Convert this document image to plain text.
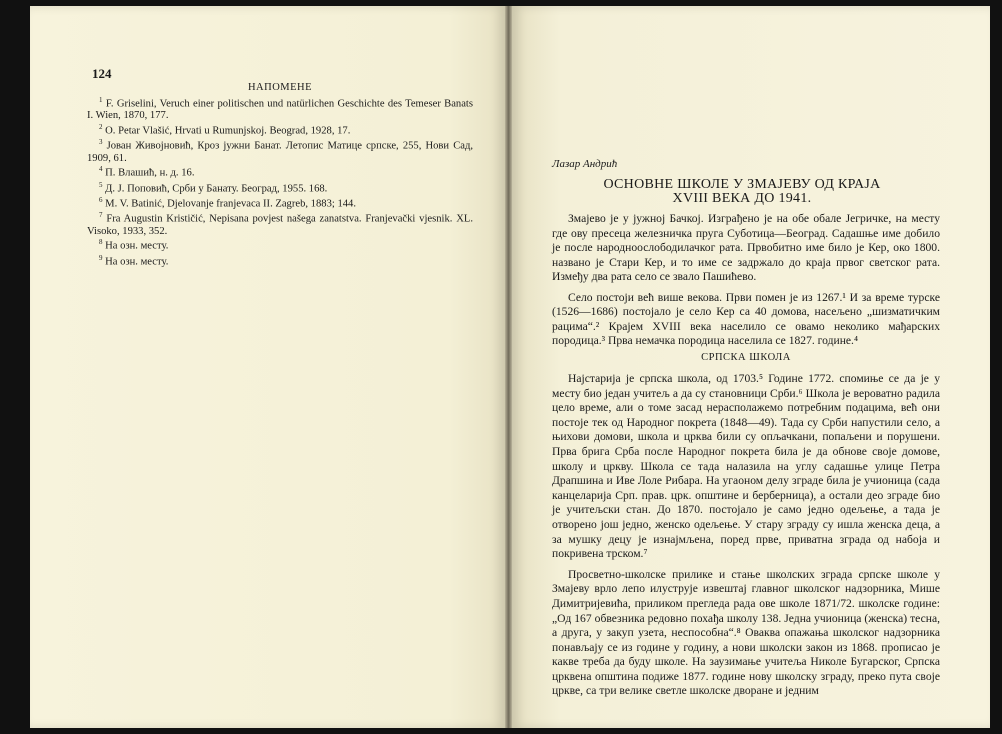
124
НАПОМЕНЕ
$^1$ F. Griselini, Veruch einer politischen und natürlichen Geschichte des Temeser Banats I. Wien, 1870, 177.
$^2$ O. Petar Vlašić, Hrvati u Rumunjskoj. Beograd, 1928, 17.
$^3$ Јован Живојновић, Кроз јужни Банат. Летопис Матице српске, 255, Нови Сад, 1909, 61.
$^4$ П. Влашић, н. д. 16.
$^5$ Д. Ј. Поповић, Срби у Банату. Београд, 1955. 168.
$^6$ M. V. Batinić, Djelovanje franjevaca II. Zagreb, 1883; 144.
$^7$ Fra Augustin Krističić, Nepisana povjest našega zanatstva. Franjevački vjesnik. XL. Visoko, 1933, 352.
$^8$ На озн. месту.
$^9$ На озн. месту.
Лазар Андрић
ОСНОВНЕ ШКОЛЕ У ЗМАЈЕВУ ОД КРАЈА
XVIII ВЕКА ДО 1941.

Змајево је у јужној Бачкој. Изграђено је на обе обале Јегричке, на месту где ову пресеца железничка пруга Суботица—Београд. Садашње име добило је после народноослободилачког рата. Првобитно име било је Кер, око 1800. названо је Стари Кер, и то име се задржало до краја првог светског рата. Између два рата село се звало Пашићево.

Село постоји већ више векова. Први помен је из 1267.¹ И за време турске (1526—1686) постојало је село Кер са 40 домова, насељено „шизматичким рацима“.² Крајем XVIII века населило се овамо неколико мађарских породица.³ Прва немачка породица населила се 1827. године.⁴

СРПСКА ШКОЛА

Најстарија је српска школа, од 1703.⁵ Године 1772. спомиње се да је у месту био један учитељ а да су становници Срби.⁶ Школа је вероватно радила цело време, али о томе засад нерасполажемо потребним подацима, већ они постоје тек од Народног покрета (1848—49). Тада су Срби напустили село, а њихови домови, школа и црква били су опљачкани, попаљени и порушени. Прва брига Срба после Народног покрета била је да обнове своје домове, школу и цркву. Школа се тада налазила на углу садашње улице Петра Драпшина и Иве Лоле Рибара. На угаоном делу зграде била је учионица (сада канцеларија Срп. прав. црк. општине и берберница), а остали део зграде био је учитељски стан. До 1870. постојало је само једно одељење, а тада је отворено још једно, женско одељење. У стару зграду су ишла женска деца, а за мушку децу је изнајмљена, поред прве, приватна зграда од набоја и покривена трском.⁷

Просветно-школске прилике и стање школских зграда српске школе у Змајеву врло лепо илуструје извештај главног школског надзорника, Мише Димитријевића, приликом прегледа рада ове школе 1871/72. школске године: „Од 167 обвезника редовно похађа школу 138. Једна учионица (женска) тесна, а друга, у закуп узета, неспособна“.⁸ Оваква опажања школског надзорника понављају се из године у годину, а нови школски закон из 1868. прописао је какве треба да буду школе. На заузимање учитеља Николе Бугарског, Српска црквена општина подиже 1877. године нову школску зграду, преко пута своје цркве, са три велике светле школске дворане и једним
